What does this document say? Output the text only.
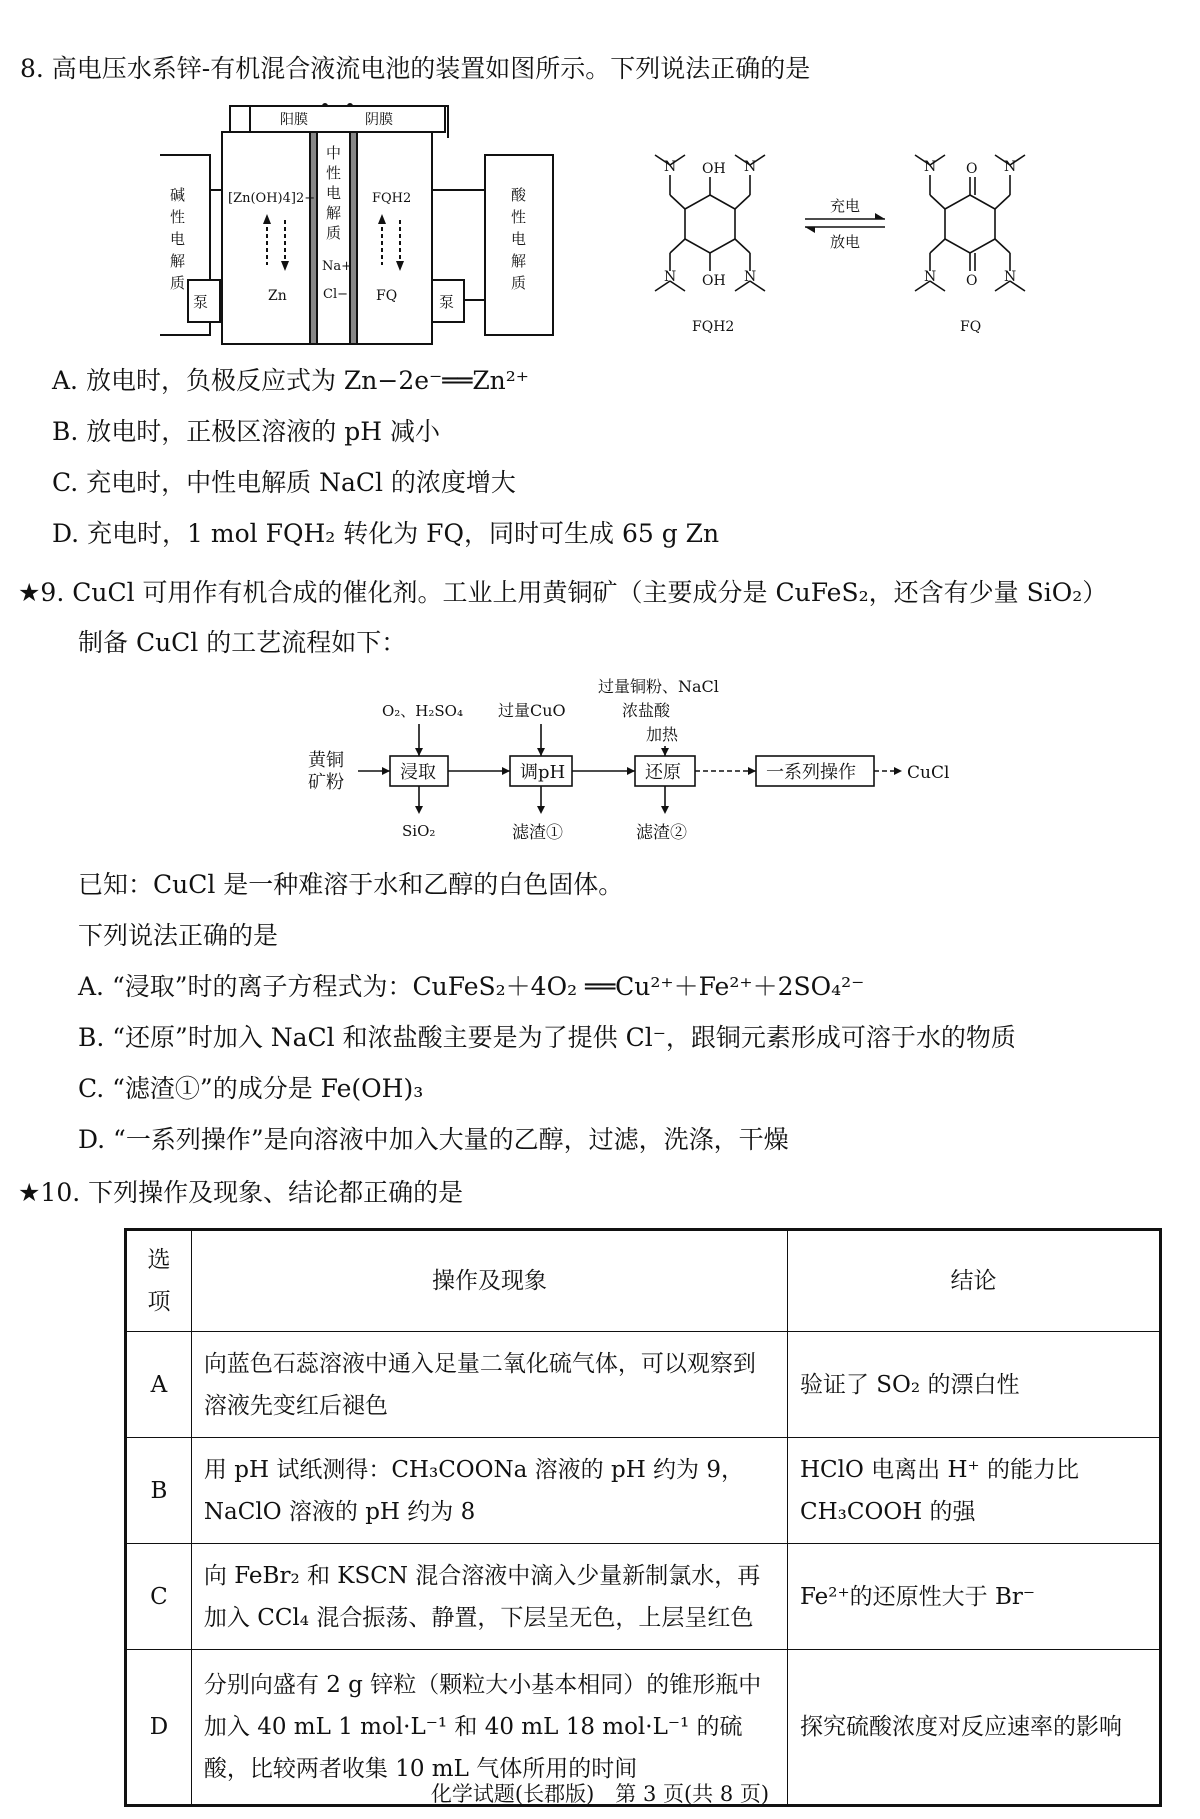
8. 高电压水系锌-有机混合液流电池的装置如图所示。下列说法正确的是
阳膜	阴膜
碱
性
电
解
质
酸
性
电
解
质
中
性
电
解
质
泵	泵
[Zn(OH)4]2−
Zn
Na+
Cl−
FQH2
FQ
OH
OH
O
O
N	N
N	N
N	N
N	N
充电
放电
FQH2	FQ
A. 放电时，负极反应式为 Zn−2e⁻══Zn²⁺
B. 放电时，正极区溶液的 pH 减小
C. 充电时，中性电解质 NaCl 的浓度增大
D. 充电时，1 mol FQH₂ 转化为 FQ，同时可生成 65 g Zn
★9. CuCl 可用作有机合成的催化剂。工业上用黄铜矿（主要成分是 CuFeS₂，还含有少量 SiO₂）
制备 CuCl 的工艺流程如下：
黄铜
矿粉	浸取
O₂、H₂SO₄
SiO₂
调pH
过量CuO
滤渣①
还原
过量铜粉、NaCl
浓盐酸
加热
滤渣②
一系列操作	CuCl
已知：CuCl 是一种难溶于水和乙醇的白色固体。
下列说法正确的是
A. “浸取”时的离子方程式为：CuFeS₂＋4O₂ ══Cu²⁺＋Fe²⁺＋2SO₄²⁻
B. “还原”时加入 NaCl 和浓盐酸主要是为了提供 Cl⁻，跟铜元素形成可溶于水的物质
C. “滤渣①”的成分是 Fe(OH)₃
D. “一系列操作”是向溶液中加入大量的乙醇，过滤，洗涤，干燥
★10. 下列操作及现象、结论都正确的是
选项	操作及现象	结论
A	向蓝色石蕊溶液中通入足量二氧化硫气体，可以观察到溶液先变红后褪色	验证了 SO₂ 的漂白性
B	用 pH 试纸测得：CH₃COONa 溶液的 pH 约为 9，NaClO 溶液的 pH 约为 8	HClO 电离出 H⁺ 的能力比 CH₃COOH 的强
C	向 FeBr₂ 和 KSCN 混合溶液中滴入少量新制氯水，再加入 CCl₄ 混合振荡、静置，下层呈无色，上层呈红色	Fe²⁺的还原性大于 Br⁻
D	分别向盛有 2 g 锌粒（颗粒大小基本相同）的锥形瓶中加入 40 mL 1 mol·L⁻¹ 和 40 mL 18 mol·L⁻¹ 的硫酸，比较两者收集 10 mL 气体所用的时间	探究硫酸浓度对反应速率的影响
化学试题(长郡版)　第 3 页(共 8 页)
